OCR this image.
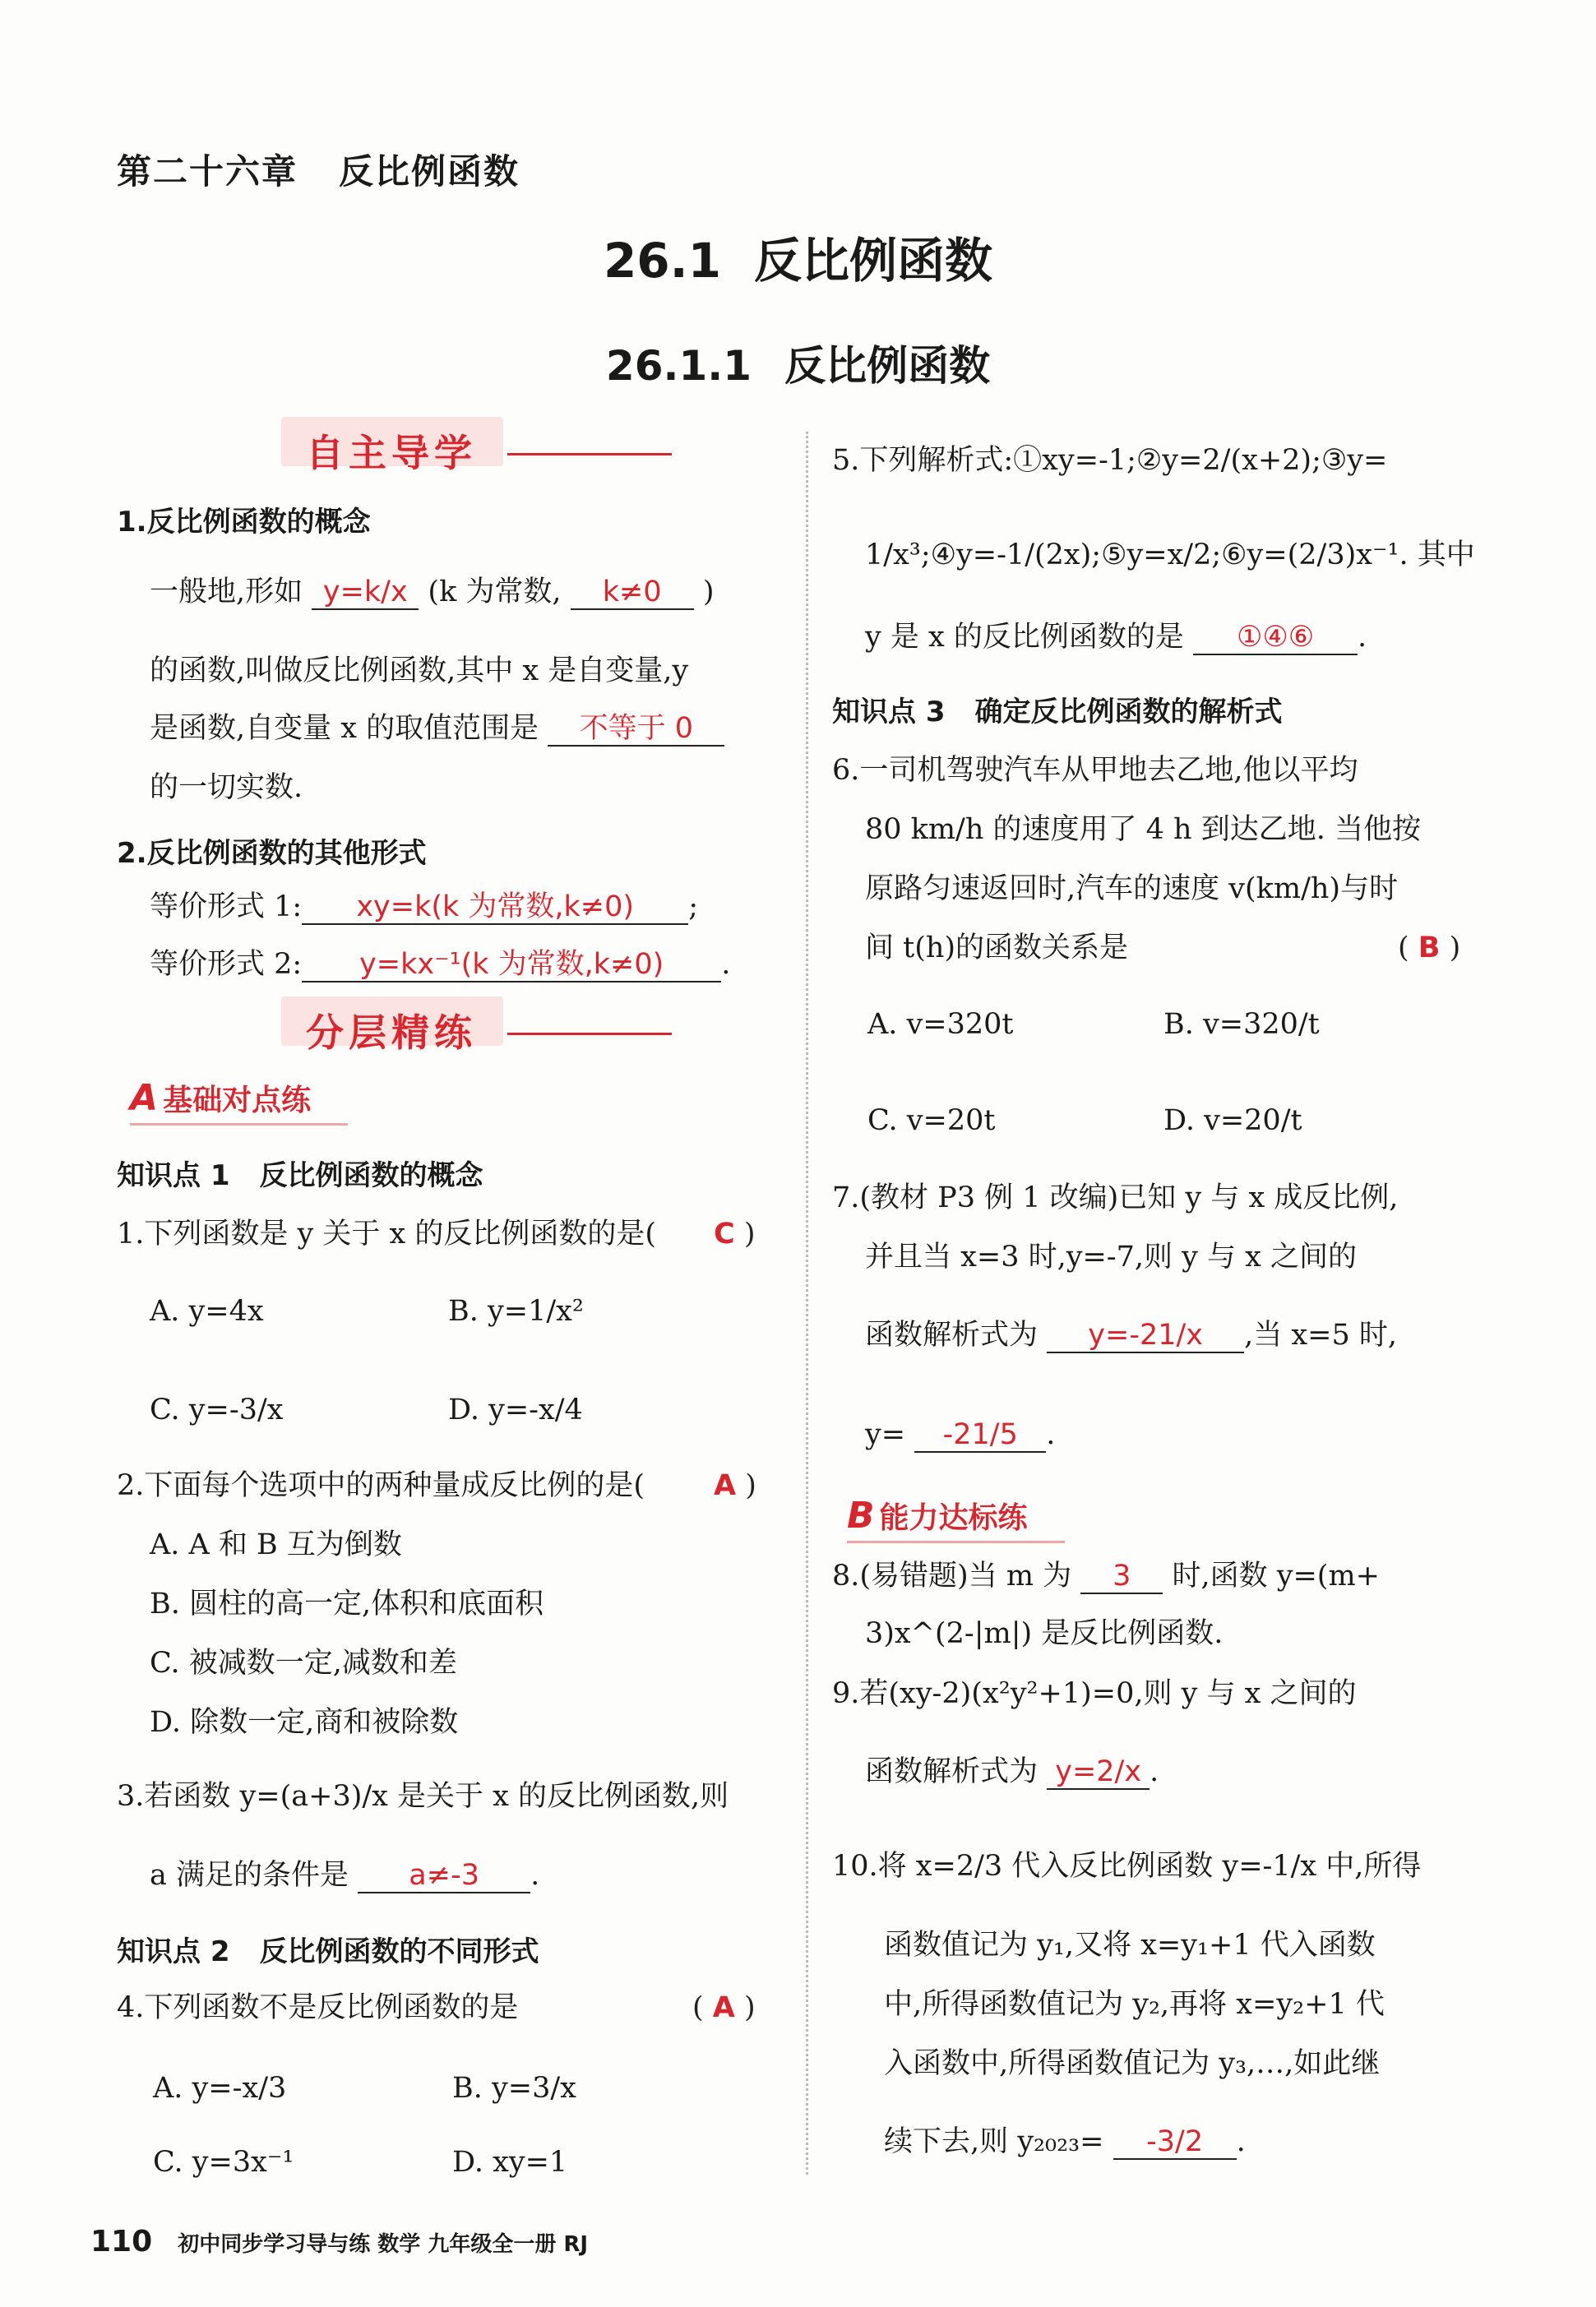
第二十六章 反比例函数
26.1 反比例函数
26.1.1 反比例函数
自主导学
1.反比例函数的概念
一般地,形如 y=k/x (k 为常数, k≠0 )
的函数,叫做反比例函数,其中 x 是自变量,y
是函数,自变量 x 的取值范围是 不等于 0
的一切实数.
2.反比例函数的其他形式
等价形式 1: xy=k(k 为常数,k≠0) ;
等价形式 2: y=kx⁻¹(k 为常数,k≠0) .
分层精练
A 基础对点练
知识点 1 反比例函数的概念
1.下列函数是 y 关于 x 的反比例函数的是( C )
A. y=4x	B. y=1/x²
C. y=-3/x	D. y=-x/4
2.下面每个选项中的两种量成反比例的是( A )
A. A 和 B 互为倒数
B. 圆柱的高一定,体积和底面积
C. 被减数一定,减数和差
D. 除数一定,商和被除数
3.若函数 y=(a+3)/x 是关于 x 的反比例函数,则
a 满足的条件是 a≠-3 .
知识点 2 反比例函数的不同形式
4.下列函数不是反比例函数的是	( A )
A. y=-x/3	B. y=3/x
C. y=3x⁻¹	D. xy=1
5.下列解析式:①xy=-1;②y=2/(x+2);③y=
1/x³;④y=-1/(2x);⑤y=x/2;⑥y=(2/3)x⁻¹. 其中
y 是 x 的反比例函数的是 ①④⑥ .
知识点 3 确定反比例函数的解析式
6.一司机驾驶汽车从甲地去乙地,他以平均
80 km/h 的速度用了 4 h 到达乙地. 当他按
原路匀速返回时,汽车的速度 v(km/h)与时
间 t(h)的函数关系是	( B )
A. v=320t	B. v=320/t
C. v=20t	D. v=20/t
7.(教材 P3 例 1 改编)已知 y 与 x 成反比例,
并且当 x=3 时,y=-7,则 y 与 x 之间的
函数解析式为 y=-21/x ,当 x=5 时,
y= -21/5 .
B 能力达标练
8.(易错题)当 m 为 3 时,函数 y=(m+
3)x^(2-|m|) 是反比例函数.
9.若(xy-2)(x²y²+1)=0,则 y 与 x 之间的
函数解析式为 y=2/x .
10.将 x=2/3 代入反比例函数 y=-1/x 中,所得
函数值记为 y₁,又将 x=y₁+1 代入函数
中,所得函数值记为 y₂,再将 x=y₂+1 代
入函数中,所得函数值记为 y₃,…,如此继
续下去,则 y₂₀₂₃= -3/2 .
110 初中同步学习导与练 数学 九年级全一册 RJ
